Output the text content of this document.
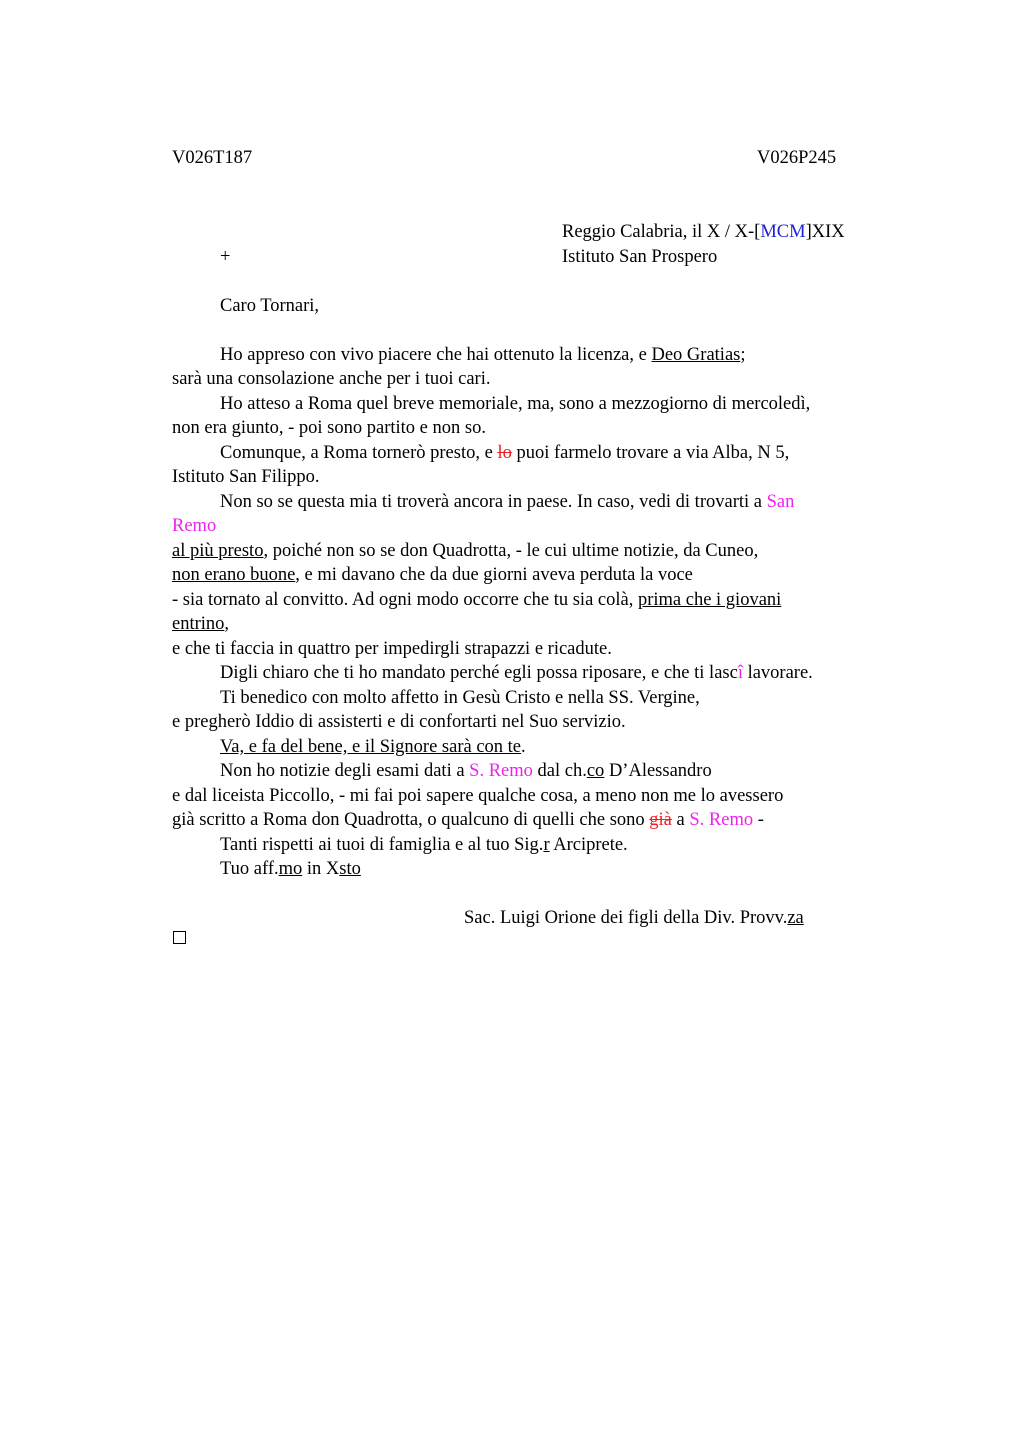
V026T187	V026P245
Reggio Calabria, il X / X-[MCM]XIX
+	Istituto San Prospero
Caro Tornari,
Ho appreso con vivo piacere che hai ottenuto la licenza, e Deo Gratias;
sarà una consolazione anche per i tuoi cari.
Ho atteso a Roma quel breve memoriale, ma, sono a mezzogiorno di mercoledì,
non era giunto, - poi sono partito e non so.
Comunque, a Roma tornerò presto, e lo puoi farmelo trovare a via Alba, N 5,
Istituto San Filippo.
Non so se questa mia ti troverà ancora in paese. In caso, vedi di trovarti a San
Remo
al più presto, poiché non so se don Quadrotta, - le cui ultime notizie, da Cuneo,
non erano buone, e mi davano che da due giorni aveva perduta la voce
- sia tornato al convitto. Ad ogni modo occorre che tu sia colà, prima che i giovani
entrino,
e che ti faccia in quattro per impedirgli strapazzi e ricadute.
Digli chiaro che ti ho mandato perché egli possa riposare, e che ti lascî lavorare.
Ti benedico con molto affetto in Gesù Cristo e nella SS. Vergine,
e pregherò Iddio di assisterti e di confortarti nel Suo servizio.
Va, e fa del bene, e il Signore sarà con te.
Non ho notizie degli esami dati a S. Remo dal ch.co D’Alessandro
e dal liceista Piccollo, - mi fai poi sapere qualche cosa, a meno non me lo avessero
già scritto a Roma don Quadrotta, o qualcuno di quelli che sono già a S. Remo -
Tanti rispetti ai tuoi di famiglia e al tuo Sig.r Arciprete.
Tuo aff.mo in Xsto
Sac. Luigi Orione dei figli della Div. Provv.za
